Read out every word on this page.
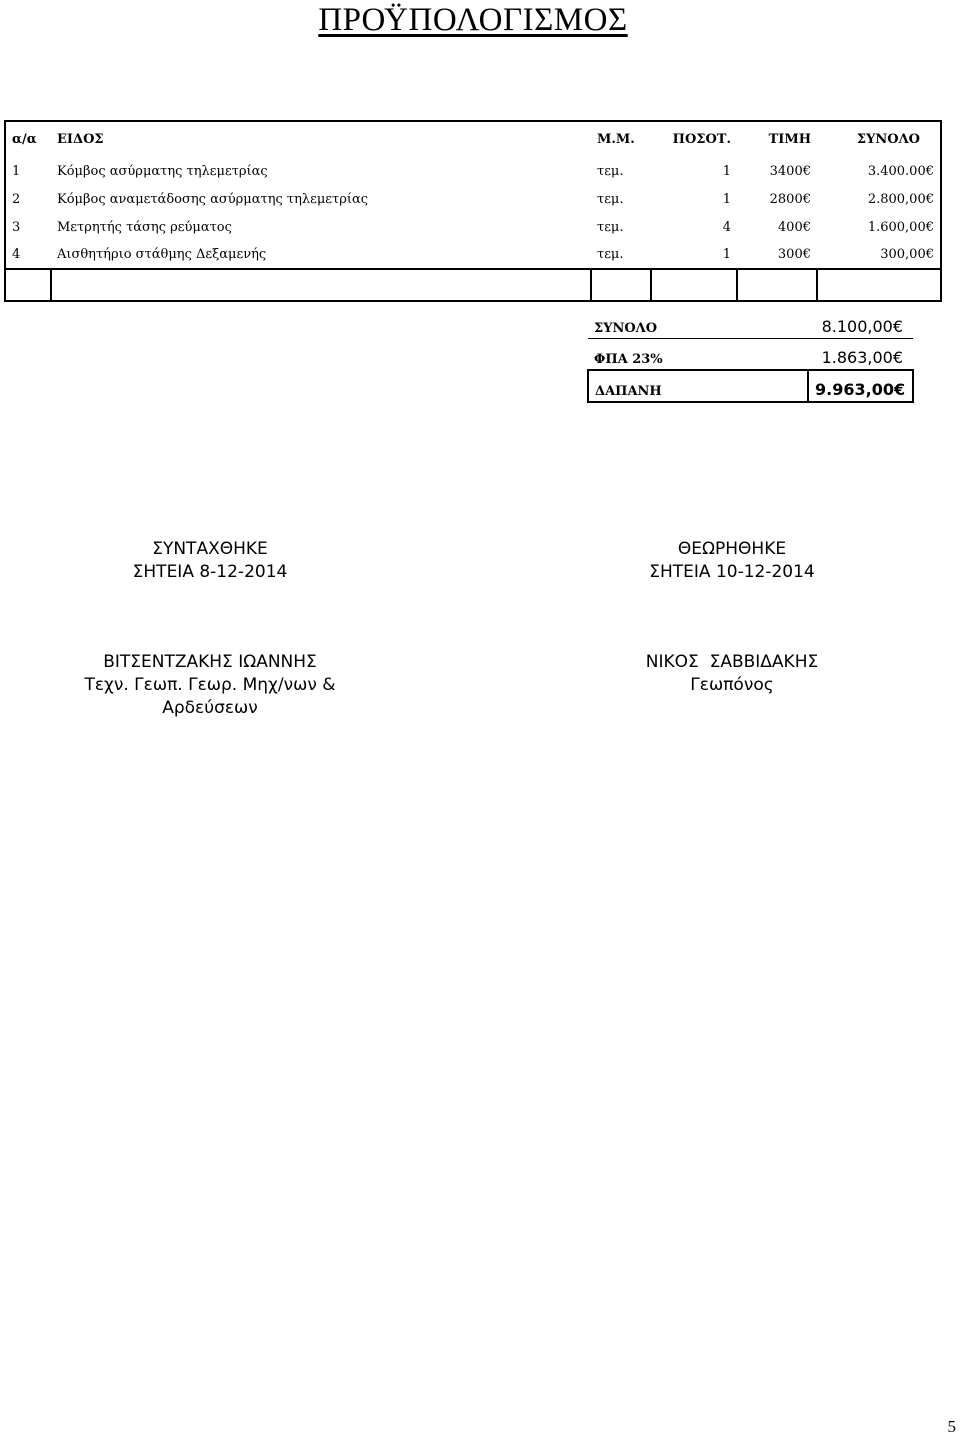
ΠΡΟΫΠΟΛΟΓΙΣΜΟΣ
α/α	ΕΙΔΟΣ	Μ.Μ.	ΠΟΣΟΤ.	ΤΙΜΗ	ΣΥΝΟΛΟ
1	Κόμβος ασύρματης τηλεμετρίας	τεμ.	1	3400€	3.400.00€
2	Κόμβος αναμετάδοσης ασύρματης τηλεμετρίας	τεμ.	1	2800€	2.800,00€
3	Μετρητής τάσης ρεύματος	τεμ.	4	400€	1.600,00€
4	Αισθητήριο στάθμης Δεξαμενής	τεμ.	1	300€	300,00€

ΣΥΝΟΛΟ	8.100,00€
ΦΠΑ 23%	1.863,00€
ΔΑΠΑΝΗ	9.963,00€
ΣΥΝΤΑΧΘΗΚΕ
ΣΗΤΕΙΑ 8-12-2014
ΘΕΩΡΗΘΗΚΕ
ΣΗΤΕΙΑ 10-12-2014
ΒΙΤΣΕΝΤΖΑΚΗΣ ΙΩΑΝΝΗΣ
Τεχν. Γεωπ. Γεωρ. Μηχ/νων &
Αρδεύσεων
ΝΙΚΟΣ  ΣΑΒΒΙΔΑΚΗΣ
Γεωπόνος
5
